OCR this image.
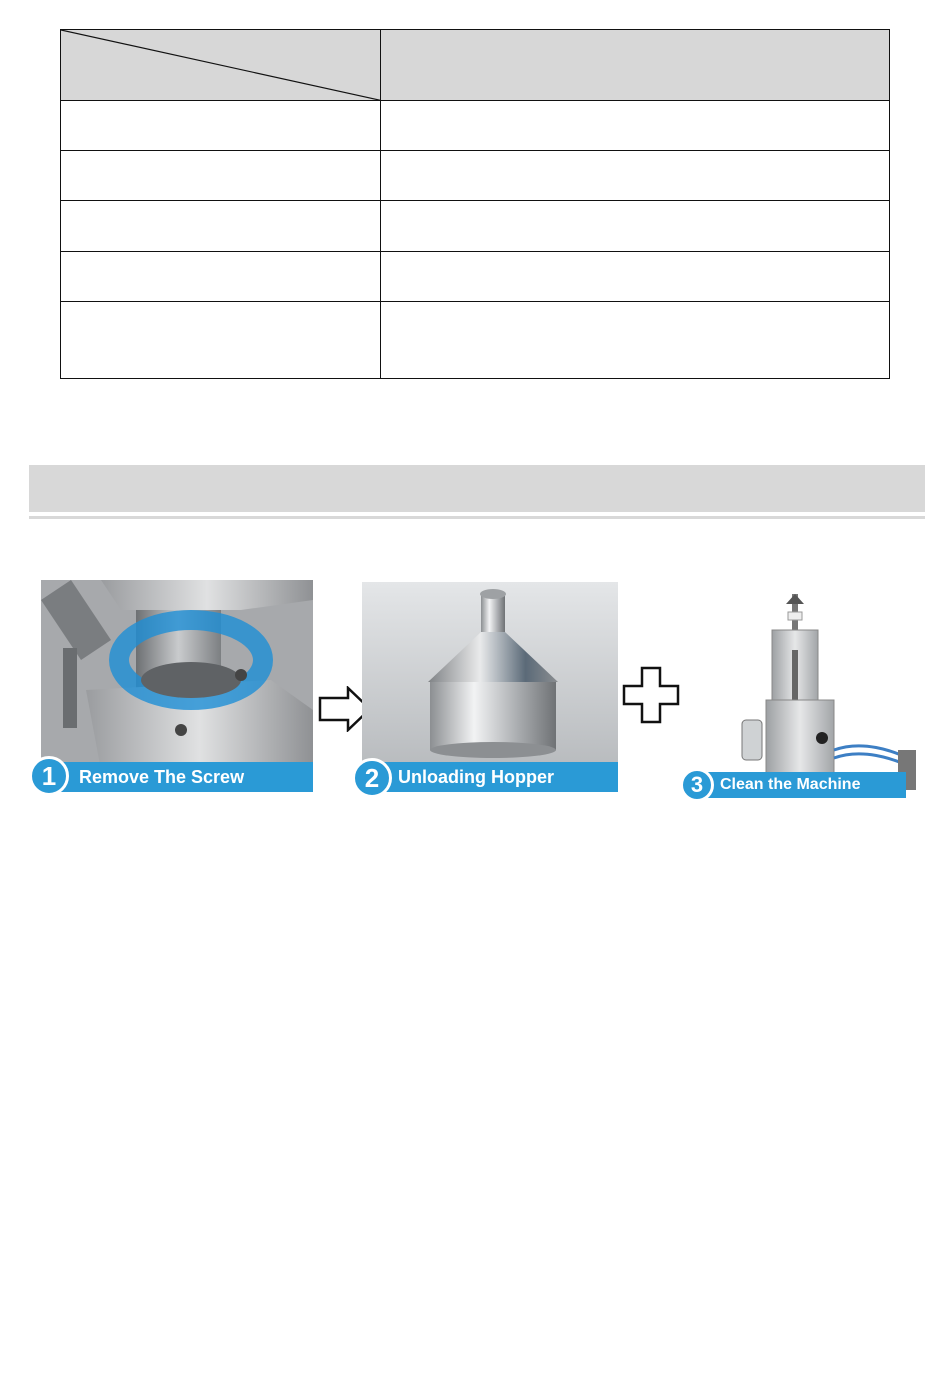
Remove The Screw
1	Unloading Hopper
2	Clean the Machine
3
